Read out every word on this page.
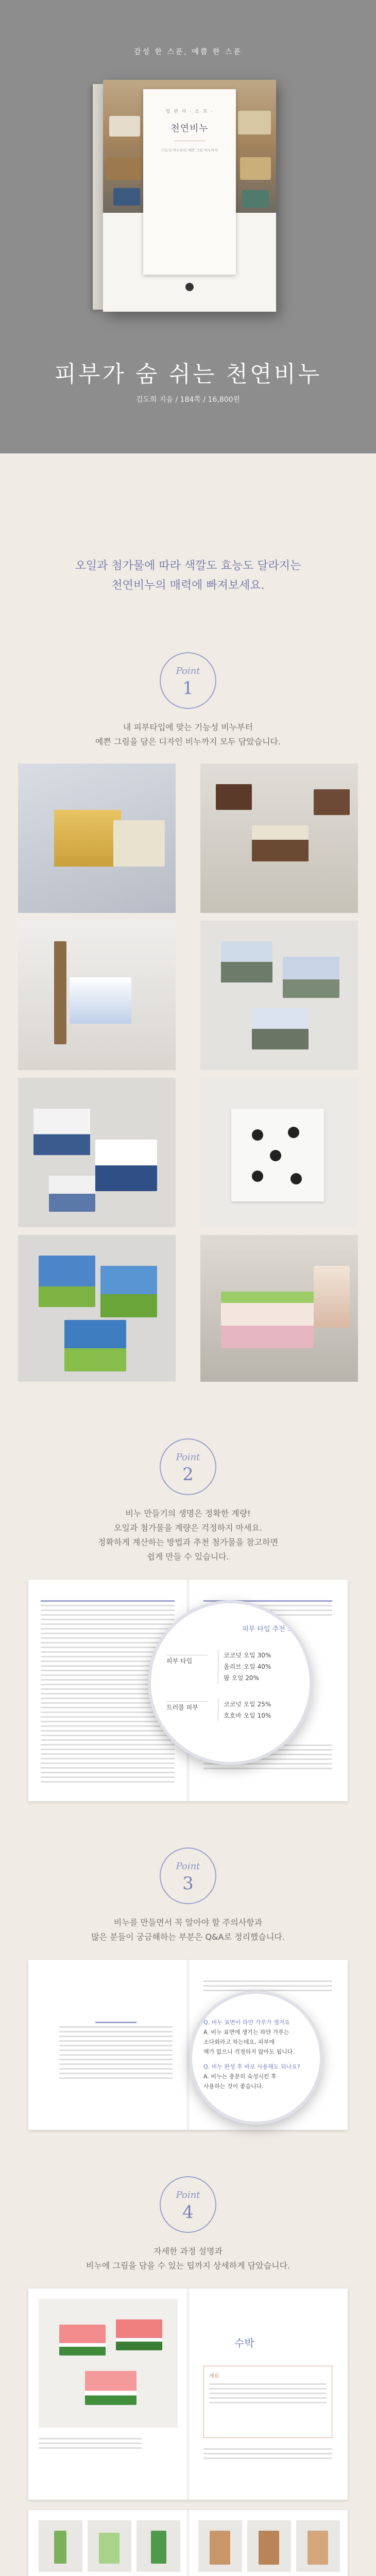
감성 한 스푼, 예쁨 한 스푼
일 관 리 · 소 프 ·
천연비누
기능성 비누부터 예쁜 그림 비누까지
피부가 숨 쉬는 천연비누
김도희 지음 / 184쪽 / 16,800원
오일과 첨가물에 따라 색깔도 효능도 달라지는
천연비누의 매력에 빠져보세요.
Point
1
내 피부타입에 맞는 기능성 비누부터
예쁜 그림을 담은 디자인 비누까지 모두 담았습니다.
Point
2
비누 만들기의 생명은 정확한 계량!
오일과 첨가물을 계량은 걱정하지 마세요.
정확하게 계산하는 방법과 추천 첨가물을 참고하면
쉽게 만들 수 있습니다.
피부 타입 추천 오일
피부 타입
코코넛 오일 30%
올리브 오일 40%
팜 오일 20%
트러블 피부	코코넛 오일 25%
호호바 오일 10%
Point
3
비누를 만들면서 꼭 알아야 할 주의사항과
많은 분들이 궁금해하는 부분은 Q&A로 정리했습니다.
Q. 비누 표면이 하얀 가루가 생겨요
A. 비누 표면에 생기는 하얀 가루는
소다회라고 하는데요, 피부에
해가 없으니 걱정하지 않아도 됩니다.
Q. 비누 완성 후 바로 사용해도 되나요?
A. 비누는 충분히 숙성시킨 후
사용하는 것이 좋습니다.
Point
4
자세한 과정 설명과
비누에 그림을 담을 수 있는 팁까지 상세하게 담았습니다.
수박
재료
